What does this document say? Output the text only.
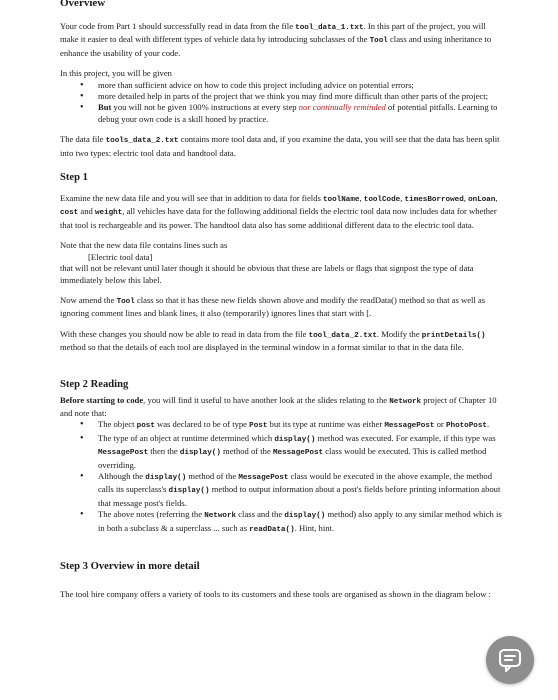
Overview

Your code from Part 1 should successfully read in data from the file tool_data_1.txt. In this part of the project, you will make it easier to deal with different types of vehicle data by introducing subclasses of the Tool class and using inheritance to enhance the usability of your code.

In this project, you will be given

• more than sufficient advice on how to code this project including advice on potential errors;
• more detailed help in parts of the project that we think you may find more difficult than other parts of the project;
• But you will not be given 100% instructions at every step nor continually reminded of potential pitfalls. Learning to debug your own code is a skill honed by practice.

The data file tools_data_2.txt contains more tool data and, if you examine the data, you will see that the data has been split into two types: electric tool data and handtool data.

Step 1

Examine the new data file and you will see that in addition to data for fields toolName, toolCode, timesBorrowed, onLoan, cost and weight, all vehicles have data for the following additional fields the electric tool data now includes data for whether that tool is rechargeable and its power. The handtool data also has some additional different data to the electric tool data.

Note that the new data file contains lines such as

[Electric tool data]

that will not be relevant until later though it should be obvious that these are labels or flags that signpost the type of data immediately below this label.

Now amend the Tool class so that it has these new fields shown above and modify the readData() method so that as well as ignoring comment lines and blank lines, it also (temporarily) ignores lines that start with [.

With these changes you should now be able to read in data from the file tool_data_2.txt. Modify the printDetails() method so that the details of each tool are displayed in the terminal window in a format similar to that in the data file.

Step 2 Reading

Before starting to code, you will find it useful to have another look at the slides relating to the Network project of Chapter 10 and note that:

• The object post was declared to be of type Post but its type at runtime was either MessagePost or PhotoPost.
• The type of an object at runtime determined which display() method was executed. For example, if this type was MessagePost then the display() method of the MessagePost class would be executed. This is called method overriding.
• Although the display() method of the MessagePost class would be executed in the above example, the method calls its superclass's display() method to output information about a post's fields before printing information about that message post's fields.
• The above notes (referring the Network class and the display() method) also apply to any similar method which is in both a subclass & a superclass ... such as readData(). Hint, hint.
Step 3 Overview in more detail

The tool hire company offers a variety of tools to its customers and these tools are organised as shown in the diagram below :
